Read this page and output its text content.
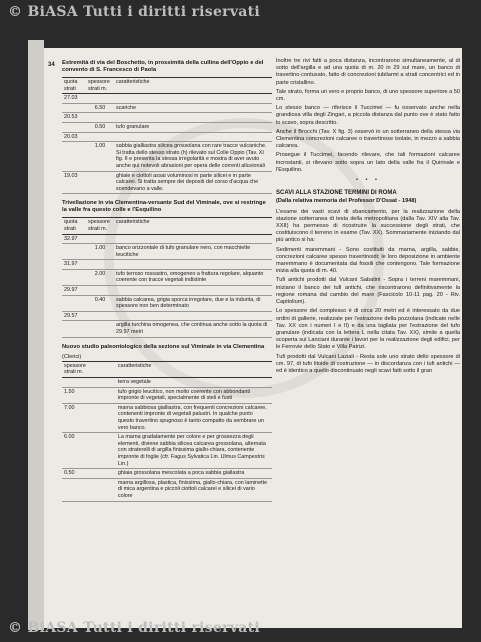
© BiASA Tutti i diritti riservati
34 Estremità di via del Boschetto, in prossimità della cullina dell'Oppio e del convento di S. Francesco di Paola
quota strati	spessore strati m.	caratteristiche
27.03		
	6.50	scariche
20.53		
	0.50	tufo granulare
20.03		
	1.00	sabbia gialliastra silicea grossolana con rare tracce vulcaniche. Si tratta dello stesso strato (h) rilevato sul Colle Oppio (Tav. XI fig. II e presenta la stessa irregolarità e mostra di aver avuto anche qui notevoli abrasioni per opera delle correnti alluvionali
19.03		ghiaie e ciottoli assai voluminosi in parte silicei e in parte calcarei. Si tratta sempre dei depositi del corso d'acqua che scendevano a valle.
Trivellazione in via Clementina-versante Sud del Viminale, ove si restringe la valle fra questo colle e l'Esquilino
quota strati	spessore strati m.	caratteristiche
32.97		
	1.00	banco orizzontale di tufo granulare nero, con macchiette leucitiche
31.97		
	2.00	tufo terroso rossastro, omogeneo a frattura regolare, alquanto coerente con tracce vegetali indistinte
29.97		
	0.40	sabbia calcarea, grigia sporca irregolare, due e la indurita, di spessore non ben determinato
29.57		
		argilla turchina omogenea, che continua anche sotto la quota di 29.97 metri
Nuovo studio paleontologico della sezione sul Viminale in via Clementina
(Clerici)
spessore strati m.		caratteristiche
		terra vegetale
1.50		tufo grigio leucitico, non molto coerente con abbondanti impronte di vegetali, specialmente di steli e fusti
7.00		marna sabbiosa gialliastra, con frequenti concrezioni calcaree, contenenti impronte di vegetali palustri. In qualche punto questo travertino spugnoso è tanto compatto da sembrare un vero banco.
6.00		La marna gradatamente per colore e per grossezza degli elementi, diviene sabbia silicea calcarea grossolana, alternata con straterelli di argilla finissima giallo-chiara, contenente impronte di foglie (cfr. Fagus Sylvatica Lin. Ulmus Campestris Lin.)
0.50		ghiaia grossolana mescolata a poca sabbia giallastra
		marna argillosa, plastica, finissima, giallo-chiara, con laminette di mica argentina e piccoli ciottoli calcarei e silicei di vario colore

Inoltre tre rivi fatti a poca distanza, incontrarono simultaneamente, al di sotto dell'argilla e ad una quota di m. 20 in 29 sul mare, un banco di travertino contusato, fatto di concrezioni tubilarmi a strati concentrici ed in parte cristallino.

Tale strato, forma un vero e proprio banco, di uno spessore superiore a 50 cm.

Lo stesso banco — riferisce il Tuccimei — fu osservato anche nella grandiosa villa degli Zingari, a piccola distanza dal punto ove è stato fatto lo scavo, sopra descritto.

Anche il Brocchi (Tav. X fig. 3) osservò in un sotterraneo della stessa via Clementina concrezioni calcaree o travertinose isolate, in mezzo a sabbia calcarea.

Prosegue il Tuccimei, facendo rilevare, che tali formazioni calcaree incrostanti, si rilevano sotto sopra un lato della valle fra il Quirinale e l'Esquilino.

• • •
SCAVI ALLA STAZIONE TERMINI DI ROMA
(Dalla relativa memoria del Professor D'Ossat - 1948)

L'esame dei vasti scavi di sbancamento, per la realizzazione della stazione sotterranea di testa della metropolitana (dalla Tav. XIV alla Tav. XXII) ha permesso di ricostruire la successione degli strati, che costituiscono il terreno in esame (Tav. XX). Sommariamente iniziando dal più antico si ha:

Sedimenti maremmani - Sono costituiti da marna, argilla, sabbie, concrezioni calcaree spesso travertinoidi; le loro deposizione in ambiente maremmano è documentata dai fossili che contengono. Tale formazione inizia alla quota di m. 40.

Tufi antichi prodotti dal Vulcani Sabatini - Sopra i terreni maremmani, iniziano il banco dei tufi antichi, che riscontrarono definitivamente la regione romana dal cambio del mare (Fascicolo 10-11 pag. 20 - Riv. Capitolium).

Lo spessore del complesso è di circa 20 metri ed è interessato da due ordini di gallerie, realizzate per l'estrazione della pozzolana (indicate nelle Tav. XX con i numeri I e II) e da una tagliata per l'estrazione del tufo granulare (indicata con la lettera L nella citata Tav. XX), simile a quella scoperta sul Lanciani durante i lavori per la realizzazione degli edifici, per le Ferrovie dello Stato e Villa Patrizi.

Tufi prodotti dal Vulcani Laziali - Resta sole uno strato dello spessore di cm. 97, di tufo litoide di costruzione — in discordanza con i tufi antichi — ed è identico a quello discontinuato negli scavi fatti sotto il gran

© BiASA Tutti i diritti riservati
